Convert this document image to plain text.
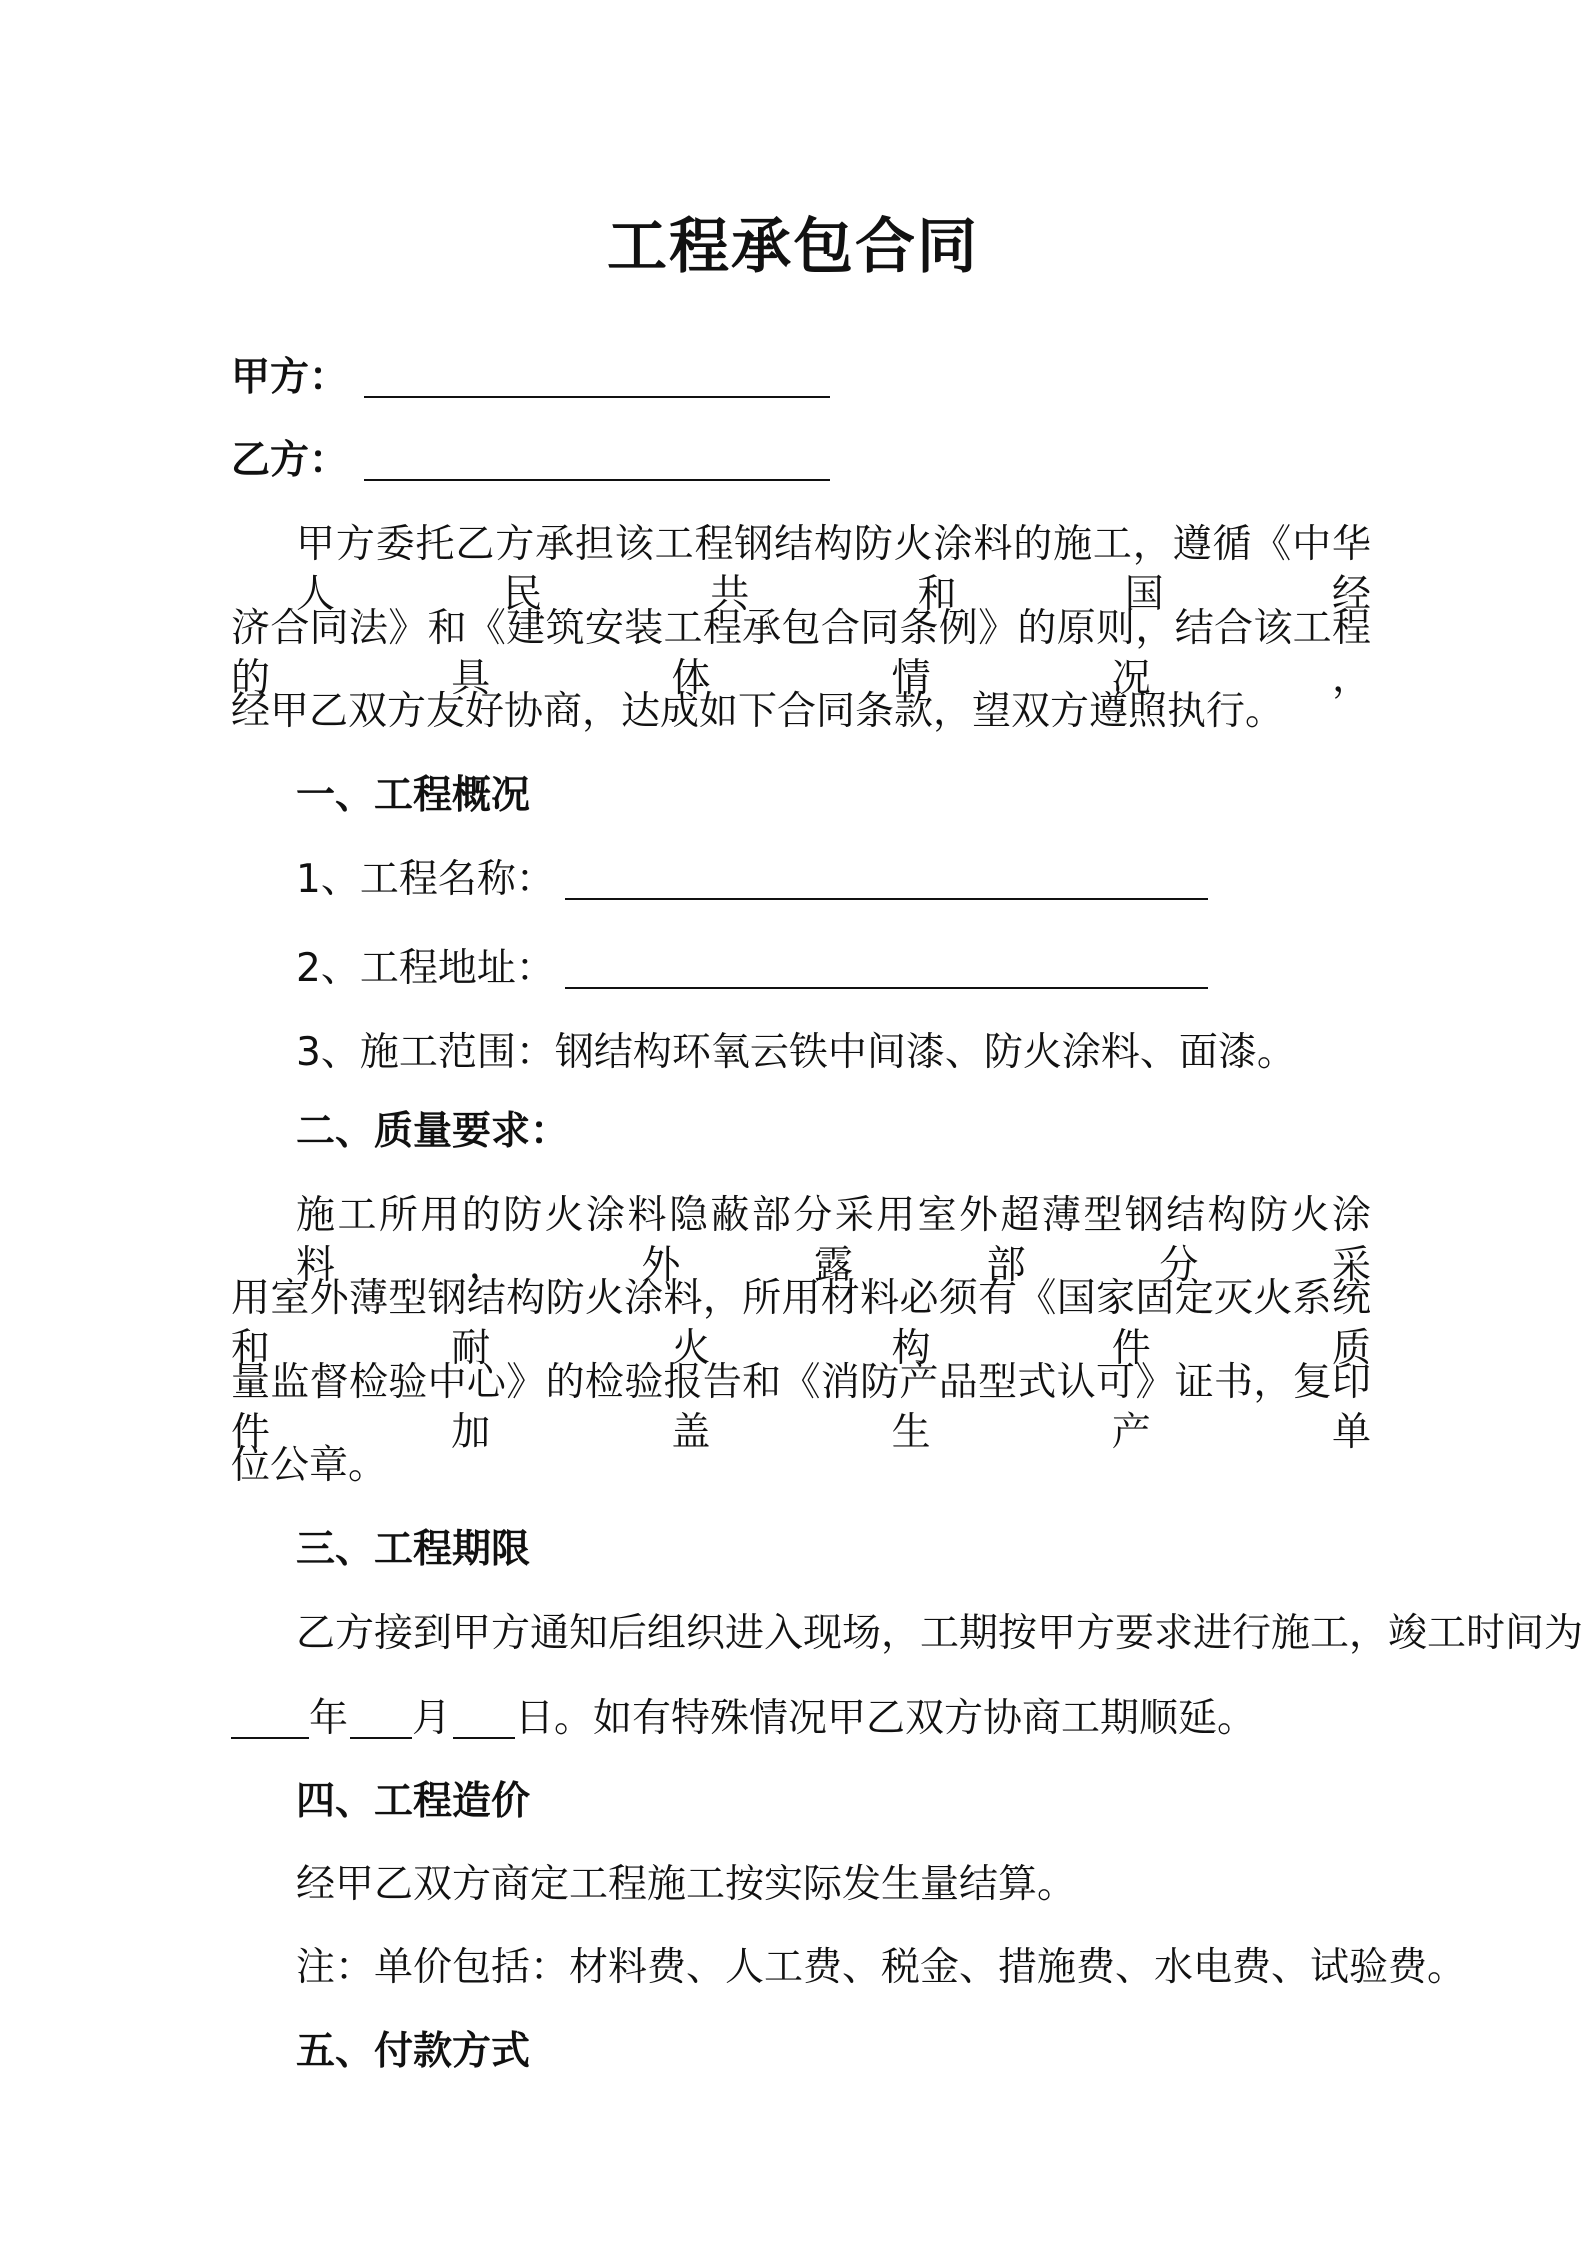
工程承包合同
甲方：
乙方：
甲方委托乙方承担该工程钢结构防火涂料的施工，遵循《中华人民共和国经
济合同法》和《建筑安装工程承包合同条例》的原则，结合该工程的具体情况，
经甲乙双方友好协商，达成如下合同条款，望双方遵照执行。
一、工程概况
1、工程名称：
2、工程地址：
3、施工范围：钢结构环氧云铁中间漆、防火涂料、面漆。
二、质量要求：
施工所用的防火涂料隐蔽部分采用室外超薄型钢结构防火涂料，外露部分采
用室外薄型钢结构防火涂料，所用材料必须有《国家固定灭火系统和耐火构件质
量监督检验中心》的检验报告和《消防产品型式认可》证书，复印件加盖生产单
位公章。
三、工程期限
乙方接到甲方通知后组织进入现场，工期按甲方要求进行施工，竣工时间为
年 月 日。如有特殊情况甲乙双方协商工期顺延。
四、工程造价
经甲乙双方商定工程施工按实际发生量结算。
注：单价包括：材料费、人工费、税金、措施费、水电费、试验费。
五、付款方式
